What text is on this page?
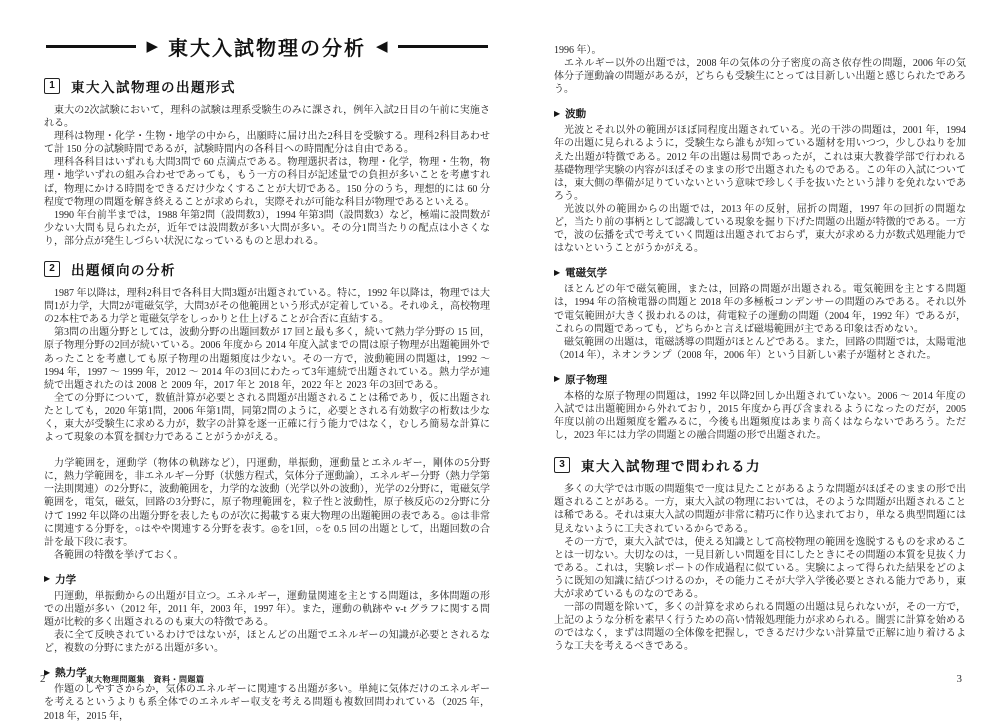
▶ 東大入試物理の分析 ◀
1	東大入試物理の出題形式

東大の2次試験において，理科の試験は理系受験生のみに課され，例年入試2日目の午前に実施される。

理科は物理・化学・生物・地学の中から，出願時に届け出た2科目を受験する。理科2科目あわせて計 150 分の試験時間であるが，試験時間内の各科目への時間配分は自由である。

理科各科目はいずれも大問3問で 60 点満点である。物理選択者は，物理・化学，物理・生物，物理・地学いずれの組み合わせであっても，もう一方の科目が記述量での負担が多いことを考慮すれば，物理にかける時間をできるだけ少なくすることが大切である。150 分のうち，理想的には 60 分程度で物理の問題を解き終えることが求められ，実際それが可能な科目が物理であるといえる。

1990 年台前半までは，1988 年第2問（設問数3），1994 年第3問（設問数3）など，極端に設問数が少ない大問も見られたが，近年では設問数が多い大問が多い。その分1問当たりの配点は小さくなり，部分点が発生しづらい状況になっているものと思われる。

2	出題傾向の分析

1987 年以降は，理科2科目で各科目大問3題が出題されている。特に，1992 年以降は，物理では大問1が力学，大問2が電磁気学，大問3がその他範囲という形式が定着している。それゆえ，高校物理の2本柱である力学と電磁気学をしっかりと仕上げることが合否に直結する。

第3問の出題分野としては，波動分野の出題回数が 17 回と最も多く，続いて熱力学分野の 15 回，原子物理分野の2回が続いている。2006 年度から 2014 年度入試までの間は原子物理が出題範囲外であったことを考慮しても原子物理の出題頻度は少ない。その一方で，波動範囲の問題は，1992 ～ 1994 年，1997 ～ 1999 年，2012 ～ 2014 年の3回にわたって3年連続で出題されている。熱力学が連続で出題されたのは 2008 と 2009 年，2017 年と 2018 年，2022 年と 2023 年の3回である。

全ての分野について，数値計算が必要とされる問題が出題されることは稀であり，仮に出題されたとしても，2020 年第1問，2006 年第1問，同第2問のように，必要とされる有効数字の桁数は少なく，東大が受験生に求める力が，数字の計算を逐一正確に行う能力ではなく，むしろ簡易な計算によって現象の本質を掴む力であることがうかがえる。

力学範囲を，運動学（物体の軌跡など），円運動，単振動，運動量とエネルギー，剛体の5分野に，熱力学範囲を，非エネルギー分野（状態方程式，気体分子運動論），エネルギー分野（熱力学第一法則関連）の2分野に，波動範囲を，力学的な波動（光学以外の波動），光学の2分野に，電磁気学範囲を，電気，磁気，回路の3分野に，原子物理範囲を，粒子性と波動性，原子核反応の2分野に分けて 1992 年以降の出題分野を表したものが次に掲載する東大物理の出題範囲の表である。◎は非常に関連する分野を，○はやや関連する分野を表す。◎を1回，○を 0.5 回の出題として，出題回数の合計を最下段に表す。

各範囲の特徴を挙げておく。

▶ 力学

円運動，単振動からの出題が目立つ。エネルギー，運動量関連を主とする問題は，多体問題の形での出題が多い（2012 年，2011 年，2003 年，1997 年）。また，運動の軌跡や v-t グラフに関する問題が比較的多く出題されるのも東大の特徴である。

表に全て反映されているわけではないが，ほとんどの出題でエネルギーの知識が必要とされるなど，複数の分野にまたがる出題が多い。

▶ 熱力学

作題のしやすさからか，気体のエネルギーに関連する出題が多い。単純に気体だけのエネルギーを考えるというよりも系全体でのエネルギー収支を考える問題も複数回問われている（2025 年，2018 年，2015 年，

1996 年）。

エネルギー以外の出題では，2008 年の気体の分子密度の高さ依存性の問題，2006 年の気体分子運動論の問題があるが，どちらも受験生にとっては目新しい出題と感じられたであろう。

▶ 波動

光波とそれ以外の範囲がほぼ同程度出題されている。光の干渉の問題は，2001 年，1994 年の出題に見られるように，受験生なら誰もが知っている題材を用いつつ，少しひねりを加えた出題が特徴である。2012 年の出題は易問であったが，これは東大教養学部で行われる基礎物理学実験の内容がほぼそのままの形で出題されたものである。この年の入試については，東大側の準備が足りていないという意味で珍しく手を抜いたという誹りを免れないであろう。

光波以外の範囲からの出題では，2013 年の反射，屈折の問題，1997 年の回折の問題など，当たり前の事柄として認識している現象を掘り下げた問題の出題が特徴的である。一方で，波の伝播を式で考えていく問題は出題されておらず，東大が求める力が数式処理能力ではないということがうかがえる。

▶ 電磁気学

ほとんどの年で磁気範囲，または，回路の問題が出題される。電気範囲を主とする問題は，1994 年の箔検電器の問題と 2018 年の多極板コンデンサーの問題のみである。それ以外で電気範囲が大きく扱われるのは，荷電粒子の運動の問題（2004 年，1992 年）であるが，これらの問題であっても，どちらかと言えば磁場範囲が主である印象は否めない。

磁気範囲の出題は，電磁誘導の問題がほとんどである。また，回路の問題では，太陽電池（2014 年），ネオンランプ（2008 年，2006 年）という目新しい素子が題材とされた。

▶ 原子物理

本格的な原子物理の問題は，1992 年以降2回しか出題されていない。2006 ～ 2014 年度の入試では出題範囲から外れており，2015 年度から再び含まれるようになったのだが，2005 年度以前の出題頻度を鑑みるに，今後も出題頻度はあまり高くはならないであろう。ただし，2023 年には力学の問題との融合問題の形で出題された。

3	東大入試物理で問われる力

多くの大学では市販の問題集で一度は見たことがあるような問題がほぼそのままの形で出題されることがある。一方，東大入試の物理においては，そのような問題が出題されることは稀である。それは東大入試の問題が非常に精巧に作り込まれており，単なる典型問題には見えないように工夫されているからである。

その一方で，東大入試では，使える知識として高校物理の範囲を逸脱するものを求めることは一切ない。大切なのは，一見目新しい問題を目にしたときにその問題の本質を見抜く力である。これは，実験レポートの作成過程に似ている。実験によって得られた結果をどのように既知の知識に結びつけるのか，その能力こそが大学入学後必要とされる能力であり，東大が求めているものなのである。

一部の問題を除いて，多くの計算を求められる問題の出題は見られないが，その一方で，上記のような分析を素早く行うための高い情報処理能力が求められる。闇雲に計算を始めるのではなく，まずは問題の全体像を把握し，できるだけ少ない計算量で正解に辿り着けるような工夫を考えるべきである。

2	東大物理問題集　資料・問題篇	3
